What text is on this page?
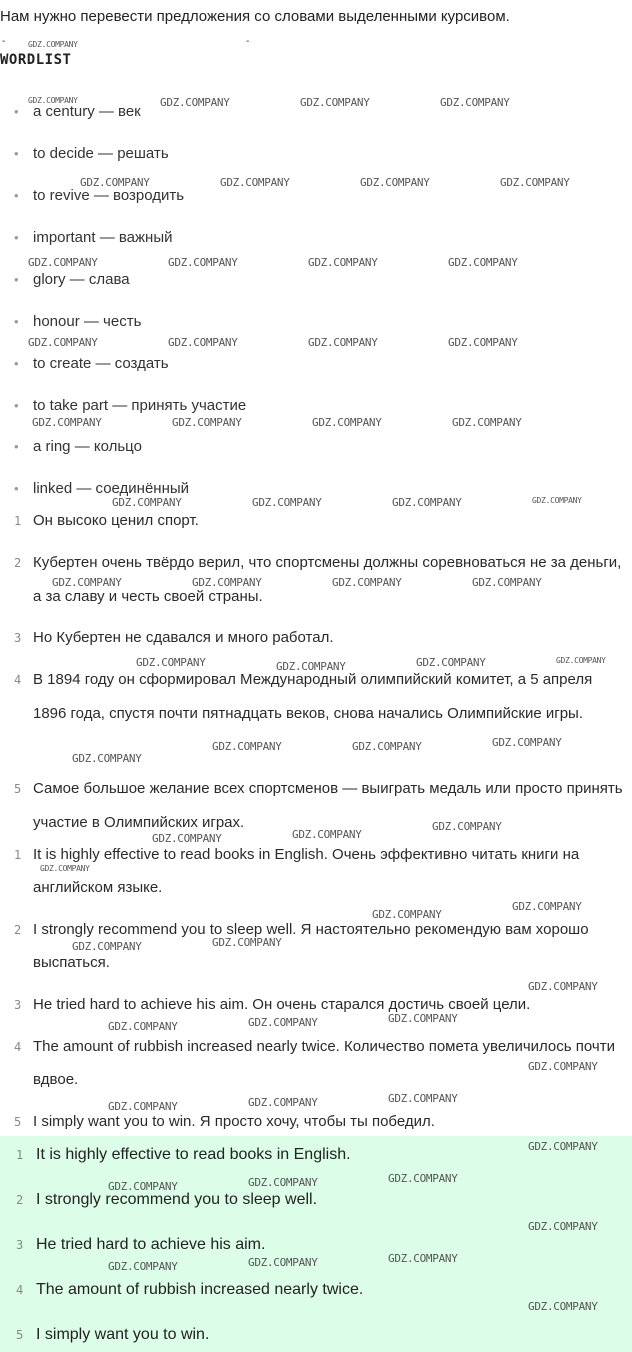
Нам нужно перевести предложения со словами выделенными курсивом.
-	-
WORDLIST
• a century — век
• to decide — решать
• to revive — возродить
• important — важный
• glory — слава
• honour — честь
• to create — создать
• to take part — принять участие
• a ring — кольцо
• linked — соединённый
1 Он высоко ценил спорт.
2 Кубертен очень твёрдо верил, что спортсмены должны соревноваться не за деньги, а за славу и честь своей страны.
3 Но Кубертен не сдавался и много работал.
4 В 1894 году он сформировал Международный олимпийский комитет, а 5 апреля 1896 года, спустя почти пятнадцать веков, снова начались Олимпийские игры.
5 Самое большое желание всех спортсменов — выиграть медаль или просто принять участие в Олимпийских играх.
1 It is highly effective to read books in English. Очень эффективно читать книги на английском языке.
2 I strongly recommend you to sleep well. Я настоятельно рекомендую вам хорошо выспаться.
3 He tried hard to achieve his aim. Он очень старался достичь своей цели.
4 The amount of rubbish increased nearly twice. Количество помета увеличилось почти вдвое.
5 I simply want you to win. Я просто хочу, чтобы ты победил.
1 It is highly effective to read books in English.
2 I strongly recommend you to sleep well.
3 He tried hard to achieve his aim.
4 The amount of rubbish increased nearly twice.
5 I simply want you to win.
GDZ.COMPANY
GDZ.COMPANY	GDZ.COMPANY	GDZ.COMPANY	GDZ.COMPANY
GDZ.COMPANY	GDZ.COMPANY	GDZ.COMPANY	GDZ.COMPANY
GDZ.COMPANY	GDZ.COMPANY	GDZ.COMPANY	GDZ.COMPANY
GDZ.COMPANY	GDZ.COMPANY	GDZ.COMPANY	GDZ.COMPANY
GDZ.COMPANY	GDZ.COMPANY	GDZ.COMPANY	GDZ.COMPANY
GDZ.COMPANY	GDZ.COMPANY	GDZ.COMPANY	GDZ.COMPANY
GDZ.COMPANY	GDZ.COMPANY	GDZ.COMPANY	GDZ.COMPANY
GDZ.COMPANY	GDZ.COMPANY	GDZ.COMPANY	GDZ.COMPANY
GDZ.COMPANY	GDZ.COMPANY	GDZ.COMPANY
GDZ.COMPANY
GDZ.COMPANY
GDZ.COMPANY
GDZ.COMPANY
GDZ.COMPANY
GDZ.COMPANY
GDZ.COMPANY
GDZ.COMPANY
GDZ.COMPANY
GDZ.COMPANY
GDZ.COMPANY	GDZ.COMPANY	GDZ.COMPANY
GDZ.COMPANY
GDZ.COMPANY
GDZ.COMPANY
GDZ.COMPANY
GDZ.COMPANY
GDZ.COMPANY
GDZ.COMPANY
GDZ.COMPANY
GDZ.COMPANY
GDZ.COMPANY
GDZ.COMPANY
GDZ.COMPANY
GDZ.COMPANY
